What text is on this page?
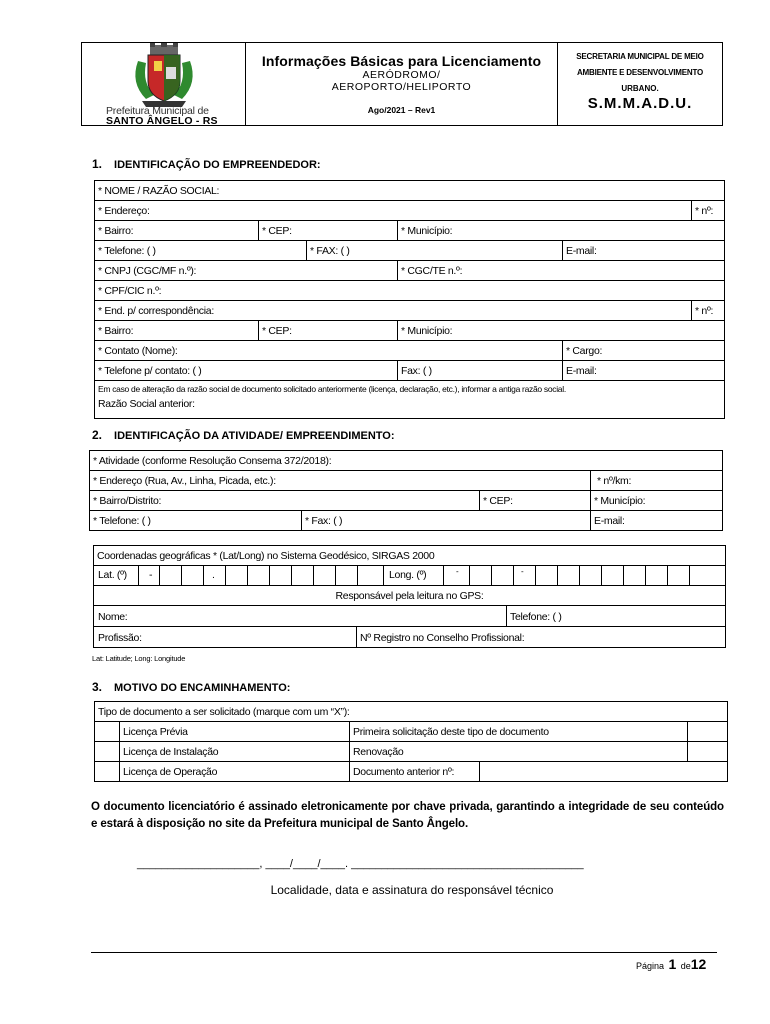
Prefeitura Municipal de
SANTO ÂNGELO - RS
Informações Básicas para Licenciamento
AERÓDROMO/
AEROPORTO/HELIPORTO
Ago/2021 – Rev1
SECRETARIA MUNICIPAL DE MEIO
AMBIENTE E DESENVOLVIMENTO
URBANO.
S.M.M.A.D.U.
1. IDENTIFICAÇÃO DO EMPREENDEDOR:
* NOME / RAZÃO SOCIAL:					
* Endereço:					* nº:
* Bairro:	* CEP:		* Município:		
* Telefone: ( )		* FAX: ( )		E-mail:	
* CNPJ (CGC/MF n.º):			* CGC/TE n.º:		
* CPF/CIC n.º:					
* End. p/ correspondência:					* nº:
* Bairro:	* CEP:		* Município:		
* Contato (Nome):				* Cargo:	
* Telefone p/ contato: ( )			Fax: ( )	E-mail:	

Em caso de alteração da razão social de documento solicitado anteriormente (licença, declaração, etc.), informar a antiga razão social.
Razão Social anterior:					
2. IDENTIFICAÇÃO DA ATIVIDADE/ EMPREENDIMENTO:
* Atividade (conforme Resolução Consema 372/2018):			
* Endereço (Rua, Av., Linha, Picada, etc.):			* nº/km:
* Bairro/Distrito:		* CEP:	* Município:
* Telefone: ( )	* Fax: ( )		E-mail:
Coordenadas geográficas * (Lat/Long) no Sistema Geodésico, SIRGAS 2000

Lat. (º) -	.	Long. (º)	-	-

Responsável pela leitura no GPS:

Nome:	Telefone: ( )

Profissão:	Nº Registro no Conselho Profissional:
Lat: Latitude; Long: Longitude
3. MOTIVO DO ENCAMINHAMENTO:
Tipo de documento a ser solicitado (marque com um “X”):				
	Licença Prévia	Primeira solicitação deste tipo de documento		
	Licença de Instalação	Renovação		
	Licença de Operação	Documento anterior nº:		
O documento licenciatório é assinado eletronicamente por chave privada, garantindo a integridade de seu conteúdo e estará à disposição no site da Prefeitura municipal de Santo Ângelo.
____________________, ____/____/____. ______________________________________
Localidade, data e assinatura do responsável técnico
Página 1 de12
